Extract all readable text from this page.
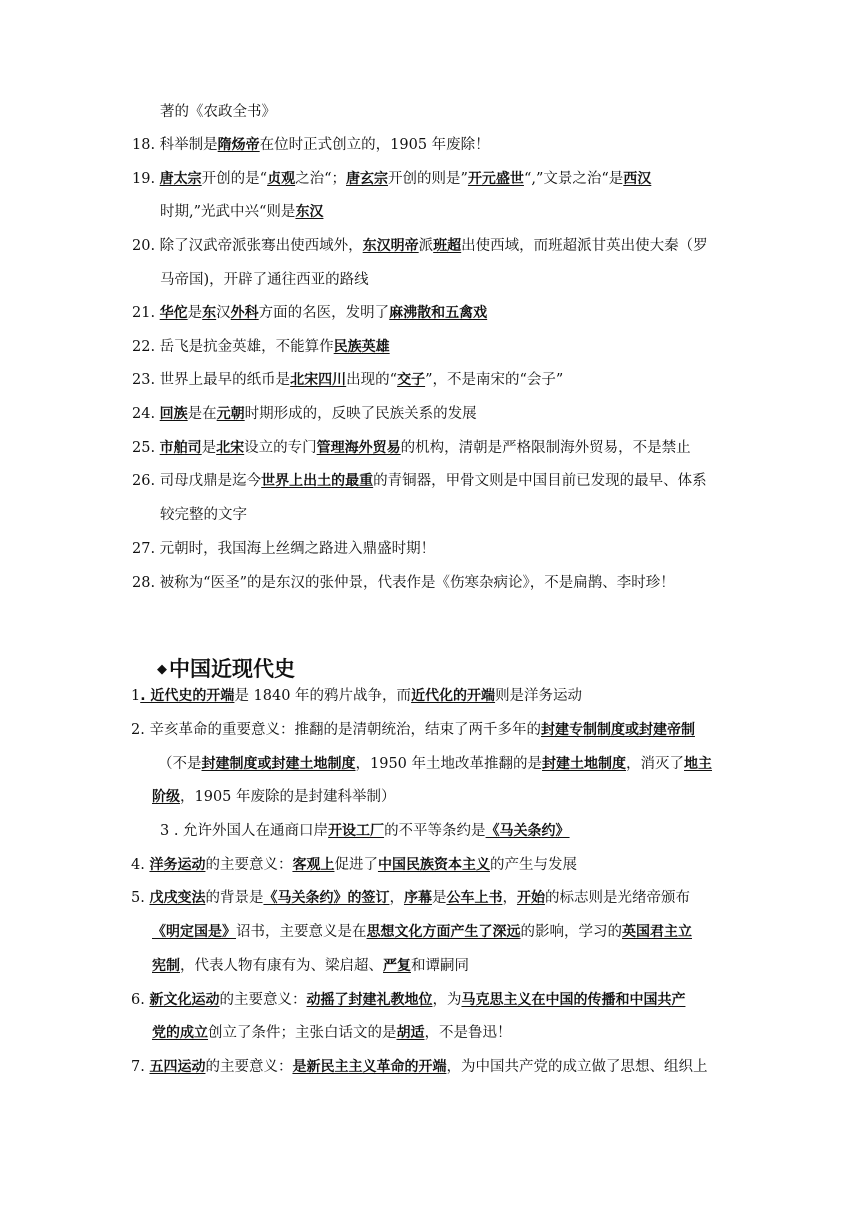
◆中国近现代史
著的《农政全书》
18. 科举制是隋炀帝在位时正式创立的，1905 年废除！
19. 唐太宗开创的是“贞观之治“；唐玄宗开创的则是”开元盛世“,”文景之治“是西汉
时期,”光武中兴“则是东汉
20. 除了汉武帝派张骞出使西域外，东汉明帝派班超出使西域，而班超派甘英出使大秦（罗
马帝国)，开辟了通往西亚的路线
21. 华佗是东汉外科方面的名医，发明了麻沸散和五禽戏
22. 岳飞是抗金英雄，不能算作民族英雄
23. 世界上最早的纸币是北宋四川出现的“交子”，不是南宋的“会子”
24. 回族是在元朝时期形成的，反映了民族关系的发展
25. 市舶司是北宋设立的专门管理海外贸易的机构，清朝是严格限制海外贸易，不是禁止
26. 司母戊鼎是迄今世界上出土的最重的青铜器，甲骨文则是中国目前已发现的最早、体系
较完整的文字
27. 元朝时，我国海上丝绸之路进入鼎盛时期！
28. 被称为“医圣”的是东汉的张仲景，代表作是《伤寒杂病论》，不是扁鹊、李时珍！
1. 近代史的开端是 1840 年的鸦片战争，而近代化的开端则是洋务运动
2. 辛亥革命的重要意义：推翻的是清朝统治，结束了两千多年的封建专制制度或封建帝制
（不是封建制度或封建土地制度，1950 年土地改革推翻的是封建土地制度，消灭了地主
阶级，1905 年废除的是封建科举制）
3 . 允许外国人在通商口岸开设工厂的不平等条约是《马关条约》
4. 洋务运动的主要意义：客观上促进了中国民族资本主义的产生与发展
5. 戊戌变法的背景是《马关条约》的签订，序幕是公车上书，开始的标志则是光绪帝颁布
《明定国是》诏书，主要意义是在思想文化方面产生了深远的影响，学习的英国君主立
宪制，代表人物有康有为、梁启超、严复和谭嗣同
6. 新文化运动的主要意义：动摇了封建礼教地位，为马克思主义在中国的传播和中国共产
党的成立创立了条件；主张白话文的是胡适，不是鲁迅！
7. 五四运动的主要意义：是新民主主义革命的开端，为中国共产党的成立做了思想、组织上
